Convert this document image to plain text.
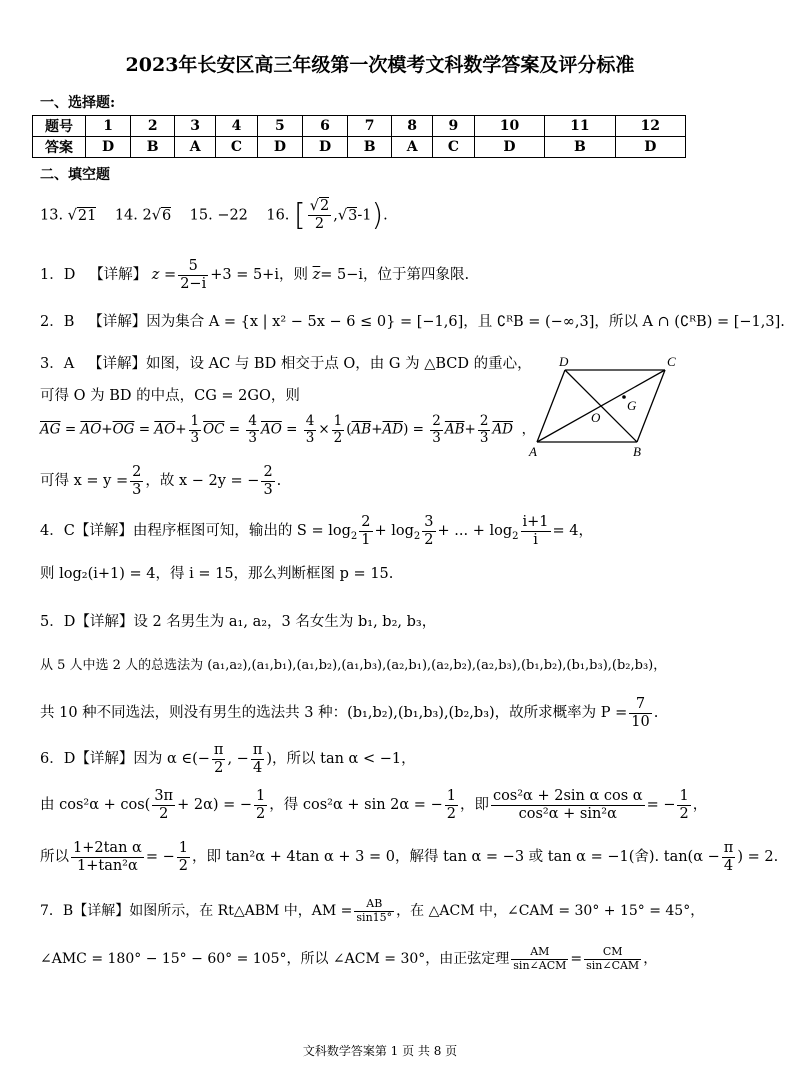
2023年长安区高三年级第一次模考文科数学答案及评分标准
一、选择题:
题号	1	2	3	4	5	6	7	8	9	10	11	12
答案	D	B	A	C	D	D	B	A	C	D	B	D
二、填空题
13. √21 14. 2√6 15. −22 16. [ $\frac{√2}{2} ,√3-1$).
1．D 【详解】 $z = \frac{5}{2-i} +3 = 5+i$，则 $\overline{z}= 5-i$，位于第四象限.
2．B 【详解】因为集合 A = {x | x² − 5x − 6 ≤ 0} = [−1,6]，且 ∁ᴿB = (−∞,3]，所以 A ∩ (∁ᴿB) = [−1,3].
3．A 【详解】如图，设 AC 与 BD 相交于点 O，由 G 为 △BCD 的重心，
可得 O 为 BD 的中点，CG = 2GO，则
$\overline{AG} = \overline{AO}+\overline{OG} = \overline{AO}+ \frac{1}{3} \overline{OC} = \frac{4}{3} \overline{AO} = \frac{4}{3} \times \frac{1}{2} (\overline{AB}+\overline{AD}) = \frac{2}{3} \overline{AB}+ \frac{2}{3} \overline{AD}$ ，
可得 $x = y = \frac{2}{3}$ ，故 x − 2y = − $\frac{2}{3}$ .
D	C
A	B
O
G
4．C【详解】由程序框图可知，输出的 $S = \log_2 \frac{2}{1} + \log_2 \frac{3}{2}$ + ... + $\log_2 \frac{i+1}{i} = 4$，
则 log₂(i+1) = 4，得 i = 15，那么判断框图 p = 15.
5．D【详解】设 2 名男生为 a₁, a₂，3 名女生为 b₁, b₂, b₃，
从 5 人中选 2 人的总选法为 (a₁,a₂),(a₁,b₁),(a₁,b₂),(a₁,b₃),(a₂,b₁),(a₂,b₂),(a₂,b₃),(b₁,b₂),(b₁,b₃),(b₂,b₃)，
共 10 种不同选法，则没有男生的选法共 3 种：(b₁,b₂),(b₁,b₃),(b₂,b₃)，故所求概率为 $P = \frac{7}{10}$ .
6．D【详解】因为 α ∈(− $\frac{\pi}{2}$ , − $\frac{\pi}{4}$ )，所以 tan α < −1，
由 $\cos^2\alpha + \cos( \frac{3\pi}{2} + 2\alpha)$ = − $\frac{1}{2}$ ，得 cos²α + sin 2α = − $\frac{1}{2}$ ，即 $\frac{\text{cos²α + 2sin α cos α}}{\text{cos²α + sin²α}}$ = − $\frac{1}{2}$ ，
所以 $\frac{\text{1+2tan α}}{\text{1+tan²α}}$ = − $\frac{1}{2}$ ，即 tan²α + 4tan α + 3 = 0，解得 tan α = −3 或 tan α = −1(舍). $\tan(\alpha - \frac{\pi}{4}$ ) = 2.
7．B【详解】如图所示，在 Rt△ABM 中，AM = $\frac{AB}{\sin 15^\circ}$ ，在 △ACM 中，∠CAM = 30° + 15° = 45°，
∠AMC = 180° − 15° − 60° = 105°，所以 ∠ACM = 30°，由正弦定理 $\frac{AM}{\text{sin∠ACM}} = \frac{CM}{\text{sin∠CAM}}$ ，
文科数学答案第 1 页 共 8 页
